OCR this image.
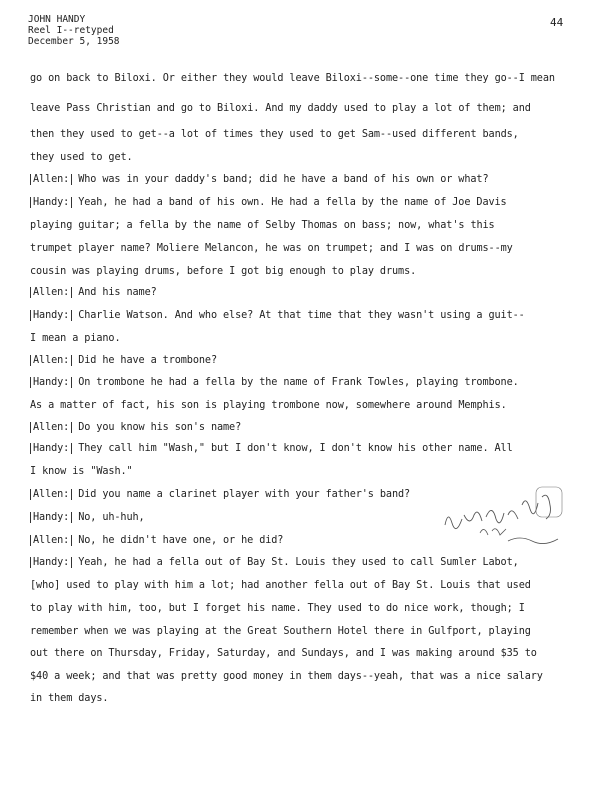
JOHN HANDY
Reel I--retyped
December 5, 1958
44
go on back to Biloxi. Or either they would leave Biloxi--some--one time they go--I mean
leave Pass Christian and go to Biloxi. And my daddy used to play a lot of them; and
then they used to get--a lot of times they used to get Sam--used different bands,
they used to get.
Allen: Who was in your daddy's band; did he have a band of his own or what?
Handy: Yeah, he had a band of his own. He had a fella by the name of Joe Davis
playing guitar; a fella by the name of Selby Thomas on bass; now, what's this
trumpet player name? Moliere Melancon, he was on trumpet; and I was on drums--my
cousin was playing drums, before I got big enough to play drums.
Allen: And his name?
Handy: Charlie Watson. And who else? At that time that they wasn't using a guit--
I mean a piano.
Allen: Did he have a trombone?
Handy: On trombone he had a fella by the name of Frank Towles, playing trombone.
As a matter of fact, his son is playing trombone now, somewhere around Memphis.
Allen: Do you know his son's name?
Handy: They call him "Wash," but I don't know, I don't know his other name. All
I know is "Wash."
Allen: Did you name a clarinet player with your father's band?
Handy: No, uh-huh,
Allen: No, he didn't have one, or he did?
Handy: Yeah, he had a fella out of Bay St. Louis they used to call Sumler Labot,
[who] used to play with him a lot; had another fella out of Bay St. Louis that used
to play with him, too, but I forget his name. They used to do nice work, though; I
remember when we was playing at the Great Southern Hotel there in Gulfport, playing
out there on Thursday, Friday, Saturday, and Sundays, and I was making around $35 to
$40 a week; and that was pretty good money in them days--yeah, that was a nice salary
in them days.
